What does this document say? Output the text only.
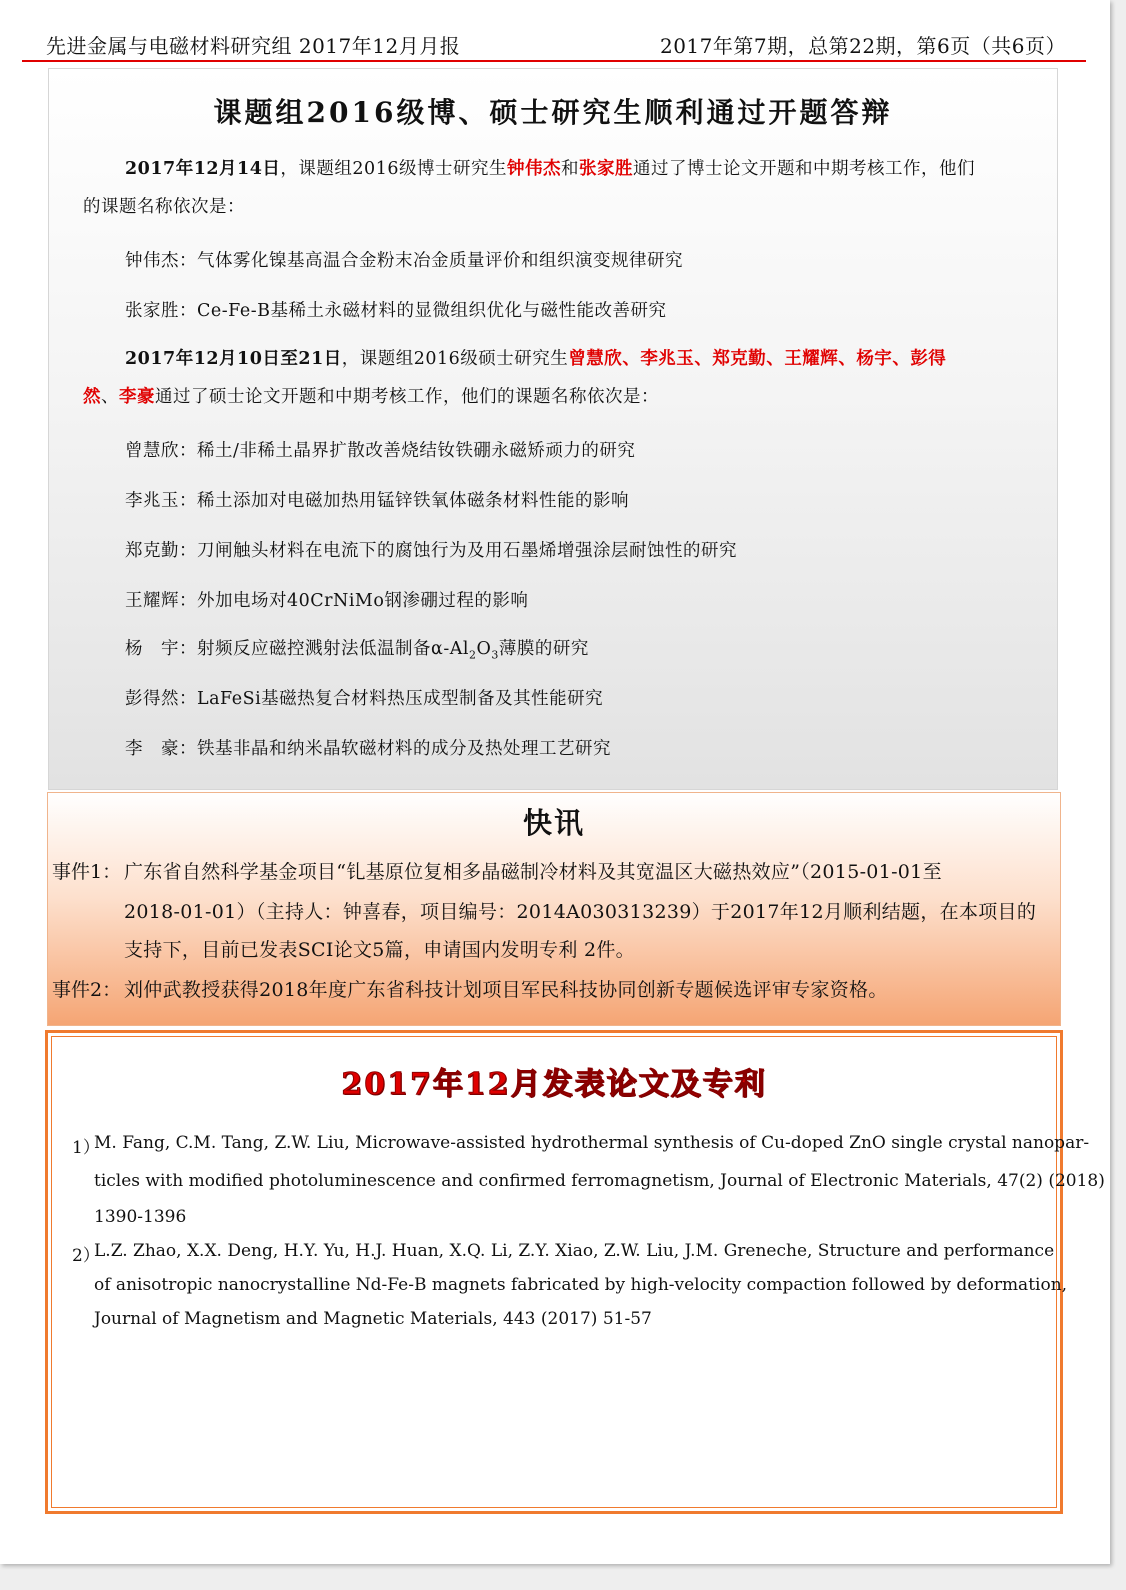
先进金属与电磁材料研究组 2017年12月月报	2017年第7期，总第22期，第6页（共6页）
课题组2016级博、硕士研究生顺利通过开题答辩
2017年12月14日，课题组2016级博士研究生钟伟杰和张家胜通过了博士论文开题和中期考核工作，他们
的课题名称依次是：
钟伟杰：气体雾化镍基高温合金粉末冶金质量评价和组织演变规律研究
张家胜：Ce-Fe-B基稀土永磁材料的显微组织优化与磁性能改善研究
2017年12月10日至21日，课题组2016级硕士研究生曾慧欣、李兆玉、郑克勤、王耀辉、杨宇、彭得
然、李豪通过了硕士论文开题和中期考核工作，他们的课题名称依次是：
曾慧欣：稀土/非稀土晶界扩散改善烧结钕铁硼永磁矫顽力的研究
李兆玉：稀土添加对电磁加热用锰锌铁氧体磁条材料性能的影响
郑克勤：刀闸触头材料在电流下的腐蚀行为及用石墨烯增强涂层耐蚀性的研究
王耀辉：外加电场对40CrNiMo钢渗硼过程的影响
杨　宇：射频反应磁控溅射法低温制备$\alpha-Al_2O_3$薄膜的研究
彭得然：LaFeSi基磁热复合材料热压成型制备及其性能研究
李　豪：铁基非晶和纳米晶软磁材料的成分及热处理工艺研究
快讯
事件1： 广东省自然科学基金项目“钆基原位复相多晶磁制冷材料及其宽温区大磁热效应”（2015-01-01至
2018-01-01）（主持人：钟喜春，项目编号：2014A030313239）于2017年12月顺利结题，在本项目的
支持下，目前已发表SCI论文5篇，申请国内发明专利 2件。
事件2： 刘仲武教授获得2018年度广东省科技计划项目军民科技协同创新专题候选评审专家资格。
2017年12月发表论文及专利
1）
M. Fang, C.M. Tang, Z.W. Liu, Microwave-assisted hydrothermal synthesis of Cu-doped ZnO single crystal nanopar-
ticles with modified photoluminescence and confirmed ferromagnetism, Journal of Electronic Materials, 47(2) (2018)
1390-1396
2）
L.Z. Zhao, X.X. Deng, H.Y. Yu, H.J. Huan, X.Q. Li, Z.Y. Xiao, Z.W. Liu, J.M. Greneche, Structure and performance
of anisotropic nanocrystalline Nd-Fe-B magnets fabricated by high-velocity compaction followed by deformation,
Journal of Magnetism and Magnetic Materials, 443 (2017) 51-57
